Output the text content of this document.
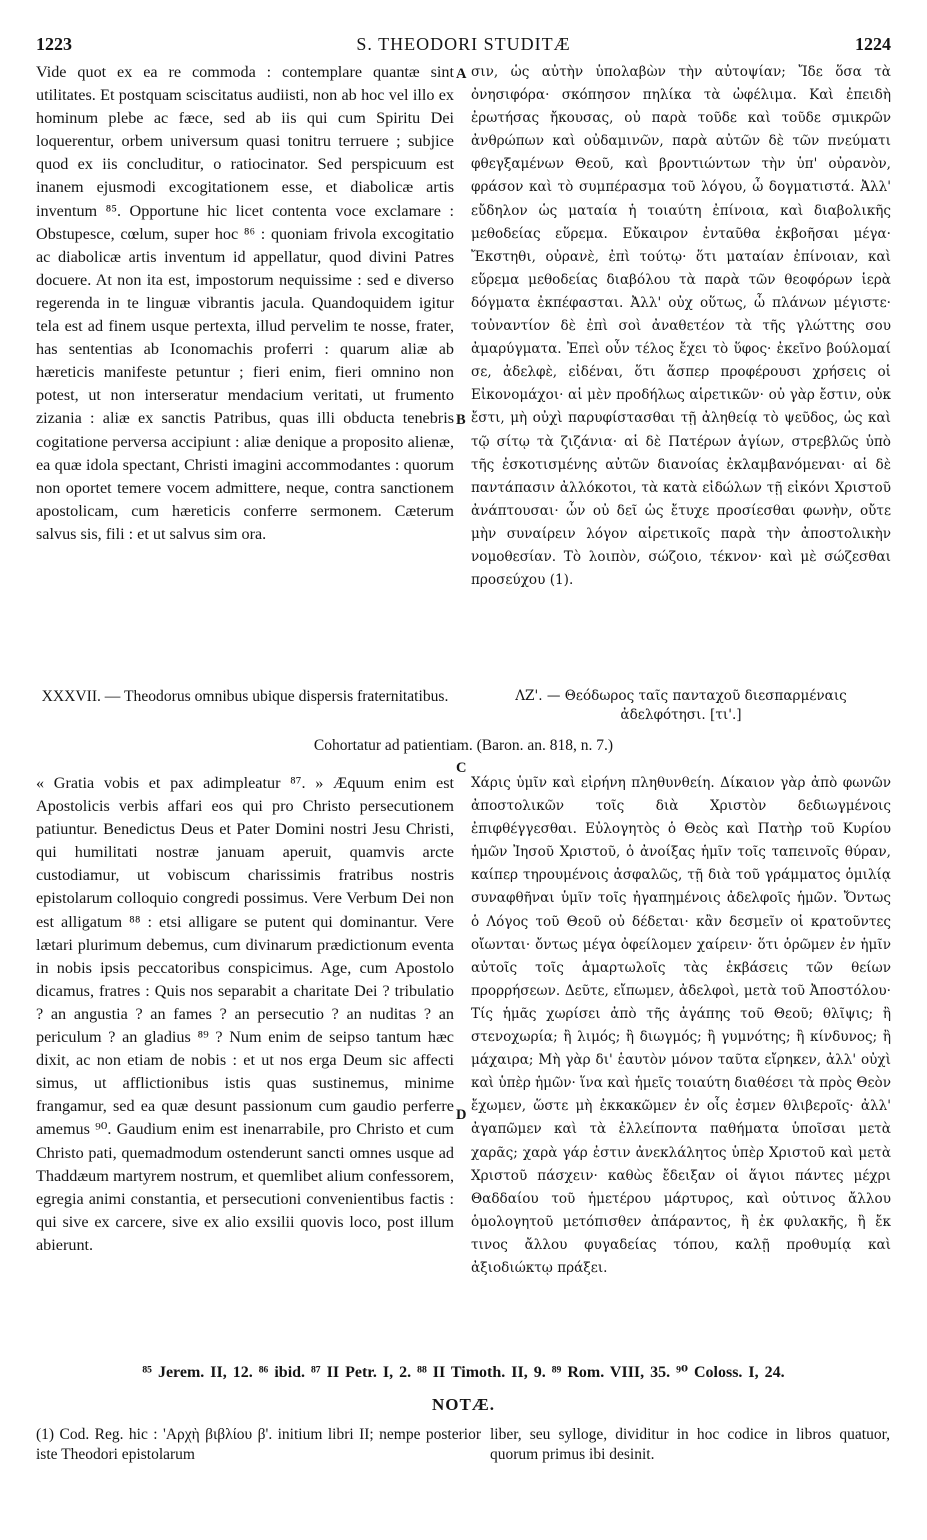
1223	S. THEODORI STUDITÆ	1224
A
B
C
D

Vide quot ex ea re commoda : contemplare quantæ sint utilitates. Et postquam sciscitatus audiisti, non ab hoc vel illo ex hominum plebe ac fæce, sed ab iis qui cum Spiritu Dei loquerentur, orbem universum quasi tonitru terruere ; subjice quod ex iis concluditur, o ratiocinator. Sed perspicuum est inanem ejusmodi excogitationem esse, et diabolicæ artis inventum ⁸⁵. Opportune hic licet contenta voce exclamare : Obstupesce, cœlum, super hoc ⁸⁶ : quoniam frivola excogitatio ac diabolicæ artis inventum id appellatur, quod divini Patres docuere. At non ita est, impostorum nequissime : sed e diverso regerenda in te linguæ vibrantis jacula. Quandoquidem igitur tela est ad finem usque pertexta, illud pervelim te nosse, frater, has sententias ab Iconomachis proferri : quarum aliæ ab hæreticis manifeste petuntur ; fieri enim, fieri omnino non potest, ut non interseratur mendacium veritati, ut frumento zizania : aliæ ex sanctis Patribus, quas illi obducta tenebris cogitatione perversa accipiunt : aliæ denique a proposito alienæ, ea quæ idola spectant, Christi imagini accommodantes : quorum non oportet temere vocem admittere, neque, contra sanctionem apostolicam, cum hæreticis conferre sermonem. Cæterum salvus sis, fili : et ut salvus sim ora.

σιν, ὡς αὐτὴν ὑπολαβὼν τὴν αὐτοψίαν; Ἴδε ὅσα τὰ ὀνησιφόρα· σκόπησον πηλίκα τὰ ὠφέλιμα. Καὶ ἐπειδὴ ἐρωτήσας ἤκουσας, οὐ παρὰ τοῦδε καὶ τοῦδε σμικρῶν ἀνθρώπων καὶ οὐδαμινῶν, παρὰ αὐτῶν δὲ τῶν πνεύματι φθεγξαμένων Θεοῦ, καὶ βροντιώντων τὴν ὑπ' οὐρανὸν, φράσον καὶ τὸ συμπέρασμα τοῦ λόγου, ὦ δογματιστά. Ἀλλ' εὔδηλον ὡς ματαία ἡ τοιαύτη ἐπίνοια, καὶ διαβολικῆς μεθοδείας εὕρεμα. Εὔκαιρον ἐνταῦθα ἐκβοῆσαι μέγα· Ἔκστηθι, οὐρανὲ, ἐπὶ τούτῳ· ὅτι ματαίαν ἐπίνοιαν, καὶ εὕρεμα μεθοδείας διαβόλου τὰ παρὰ τῶν θεοφόρων ἱερὰ δόγματα ἐκπέφασται. Ἀλλ' οὐχ οὕτως, ὦ πλάνων μέγιστε· τοὐναντίον δὲ ἐπὶ σοὶ ἀναθετέον τὰ τῆς γλώττης σου ἀμαρύγματα. Ἐπεὶ οὖν τέλος ἔχει τὸ ὕφος· ἐκεῖνο βούλομαί σε, ἀδελφὲ, εἰδέναι, ὅτι ἅσπερ προφέρουσι χρήσεις οἱ Εἰκονομάχοι· αἱ μὲν προδήλως αἱρετικῶν· οὐ γὰρ ἔστιν, οὐκ ἔστι, μὴ οὐχὶ παρυφίστασθαι τῇ ἀληθείᾳ τὸ ψεῦδος, ὡς καὶ τῷ σίτῳ τὰ ζιζάνια· αἱ δὲ Πατέρων ἁγίων, στρεβλῶς ὑπὸ τῆς ἐσκοτισμένης αὐτῶν διανοίας ἐκλαμβανόμεναι· αἱ δὲ παντάπασιν ἀλλόκοτοι, τὰ κατὰ εἰδώλων τῇ εἰκόνι Χριστοῦ ἀνάπτουσαι· ὧν οὐ δεῖ ὡς ἔτυχε προσίεσθαι φωνὴν, οὔτε μὴν συναίρειν λόγον αἱρετικοῖς παρὰ τὴν ἀποστολικὴν νομοθεσίαν. Τὸ λοιπὸν, σώζοιο, τέκνον· καὶ μὲ σώζεσθαι προσεύχου (1).

XXXVII. — Theodorus omnibus ubique dispersis fraternitatibus.	ΛΖ'. — Θεόδωρος ταῖς πανταχοῦ διεσπαρμέναις ἀδελφότησι. [τι'.]
Cohortatur ad patientiam. (Baron. an. 818, n. 7.)

« Gratia vobis et pax adimpleatur ⁸⁷. » Æquum enim est Apostolicis verbis affari eos qui pro Christo persecutionem patiuntur. Benedictus Deus et Pater Domini nostri Jesu Christi, qui humilitati nostræ januam aperuit, quamvis arcte custodiamur, ut vobiscum charissimis fratribus nostris epistolarum colloquio congredi possimus. Vere Verbum Dei non est alligatum ⁸⁸ : etsi alligare se putent qui dominantur. Vere lætari plurimum debemus, cum divinarum prædictionum eventa in nobis ipsis peccatoribus conspicimus. Age, cum Apostolo dicamus, fratres : Quis nos separabit a charitate Dei ? tribulatio ? an angustia ? an fames ? an persecutio ? an nuditas ? an periculum ? an gladius ⁸⁹ ? Num enim de seipso tantum hæc dixit, ac non etiam de nobis : et ut nos erga Deum sic affecti simus, ut afflictionibus istis quas sustinemus, minime frangamur, sed ea quæ desunt passionum cum gaudio perferre amemus ⁹⁰. Gaudium enim est inenarrabile, pro Christo et cum Christo pati, quemadmodum ostenderunt sancti omnes usque ad Thaddæum martyrem nostrum, et quemlibet alium confessorem, egregia animi constantia, et persecutioni convenientibus factis : qui sive ex carcere, sive ex alio exsilii quovis loco, post illum abierunt.

Χάρις ὑμῖν καὶ εἰρήνη πληθυνθείη. Δίκαιον γὰρ ἀπὸ φωνῶν ἀποστολικῶν τοῖς διὰ Χριστὸν δεδιωγμένοις ἐπιφθέγγεσθαι. Εὐλογητὸς ὁ Θεὸς καὶ Πατὴρ τοῦ Κυρίου ἡμῶν Ἰησοῦ Χριστοῦ, ὁ ἀνοίξας ἡμῖν τοῖς ταπεινοῖς θύραν, καίπερ τηρουμένοις ἀσφαλῶς, τῇ διὰ τοῦ γράμματος ὁμιλίᾳ συναφθῆναι ὑμῖν τοῖς ἠγαπημένοις ἀδελφοῖς ἡμῶν. Ὄντως ὁ Λόγος τοῦ Θεοῦ οὐ δέδεται· κἂν δεσμεῖν οἱ κρατοῦντες οἴωνται· ὄντως μέγα ὀφείλομεν χαίρειν· ὅτι ὁρῶμεν ἐν ἡμῖν αὐτοῖς τοῖς ἁμαρτωλοῖς τὰς ἐκβάσεις τῶν θείων προρρήσεων. Δεῦτε, εἴπωμεν, ἀδελφοὶ, μετὰ τοῦ Ἀποστόλου· Τίς ἡμᾶς χωρίσει ἀπὸ τῆς ἀγάπης τοῦ Θεοῦ; θλῖψις; ἢ στενοχωρία; ἢ λιμός; ἢ διωγμός; ἢ γυμνότης; ἢ κίνδυνος; ἢ μάχαιρα; Μὴ γὰρ δι' ἑαυτὸν μόνον ταῦτα εἴρηκεν, ἀλλ' οὐχὶ καὶ ὑπὲρ ἡμῶν· ἵνα καὶ ἡμεῖς τοιαύτη διαθέσει τὰ πρὸς Θεὸν ἔχωμεν, ὥστε μὴ ἐκκακῶμεν ἐν οἷς ἐσμεν θλιβεροῖς· ἀλλ' ἀγαπῶμεν καὶ τὰ ἐλλείποντα παθήματα ὑποῖσαι μετὰ χαρᾶς; χαρὰ γάρ ἐστιν ἀνεκλάλητος ὑπὲρ Χριστοῦ καὶ μετὰ Χριστοῦ πάσχειν· καθὼς ἔδειξαν οἱ ἅγιοι πάντες μέχρι Θαδδαίου τοῦ ἡμετέρου μάρτυρος, καὶ οὑτινος ἄλλου ὁμολογητοῦ μετόπισθεν ἀπάραντος, ἢ ἐκ φυλακῆς, ἢ ἔκ τινος ἄλλου φυγαδείας τόπου, καλῇ προθυμίᾳ καὶ ἀξιοδιώκτῳ πράξει.

⁸⁵ Jerem. II, 12. ⁸⁶ ibid. ⁸⁷ II Petr. I, 2. ⁸⁸ II Timoth. II, 9. ⁸⁹ Rom. VIII, 35. ⁹⁰ Coloss. I, 24.
NOTÆ.
(1) Cod. Reg. hic : 'Αρχὴ βιβλίου β'. initium libri II; nempe posterior iste Theodori epistolarum
liber, seu sylloge, dividitur in hoc codice in libros quatuor, quorum primus ibi desinit.
